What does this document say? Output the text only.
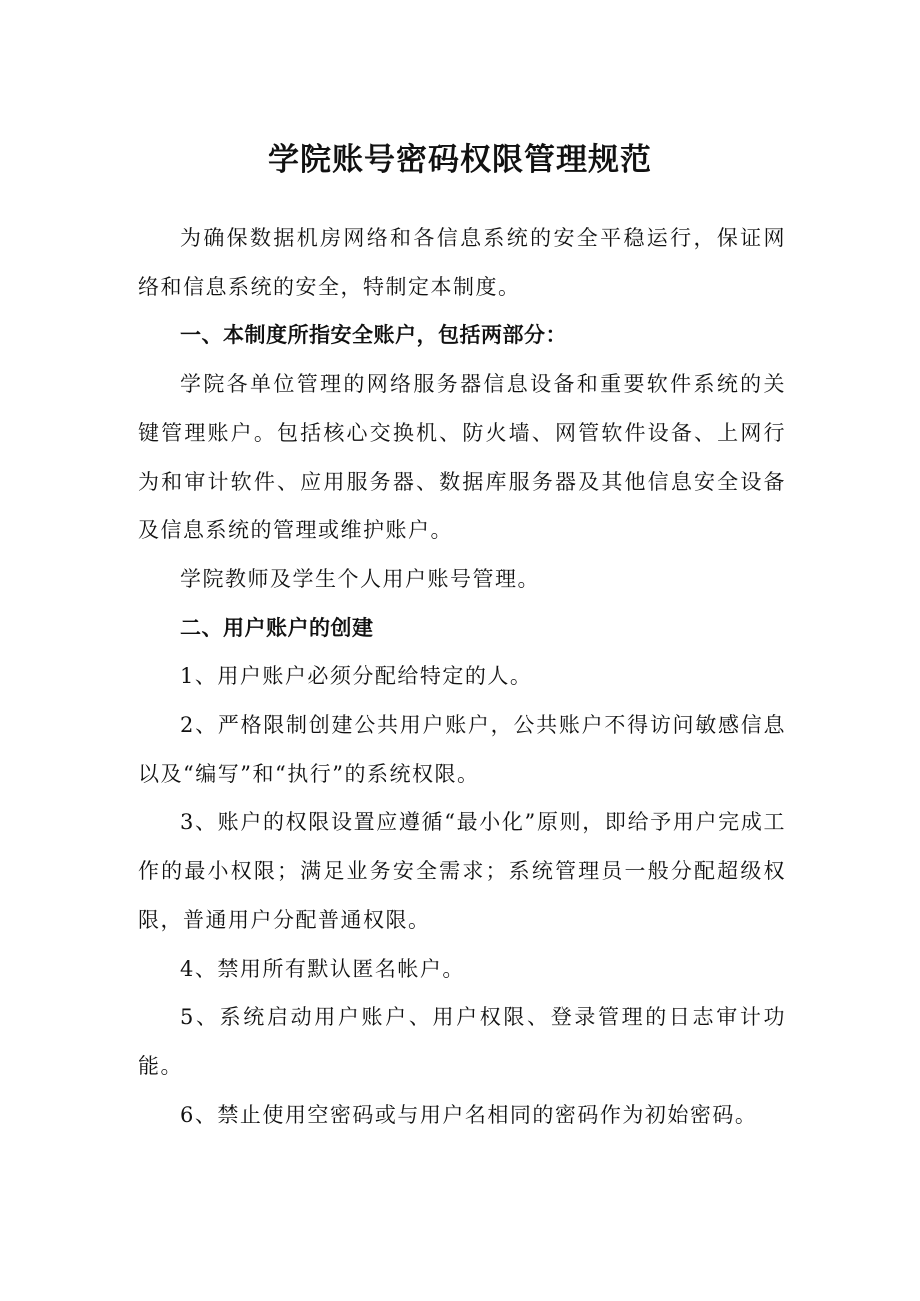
学院账号密码权限管理规范

为确保数据机房网络和各信息系统的安全平稳运行，保证网络和信息系统的安全，特制定本制度。

一、本制度所指安全账户，包括两部分：

学院各单位管理的网络服务器信息设备和重要软件系统的关键管理账户。包括核心交换机、防火墙、网管软件设备、上网行为和审计软件、应用服务器、数据库服务器及其他信息安全设备及信息系统的管理或维护账户。

学院教师及学生个人用户账号管理。

二、用户账户的创建

1、用户账户必须分配给特定的人。

2、严格限制创建公共用户账户，公共账户不得访问敏感信息以及“编写”和“执行”的系统权限。

3、账户的权限设置应遵循“最小化”原则，即给予用户完成工作的最小权限；满足业务安全需求；系统管理员一般分配超级权限，普通用户分配普通权限。

4、禁用所有默认匿名帐户。

5、系统启动用户账户、用户权限、登录管理的日志审计功能。

6、禁止使用空密码或与用户名相同的密码作为初始密码。
